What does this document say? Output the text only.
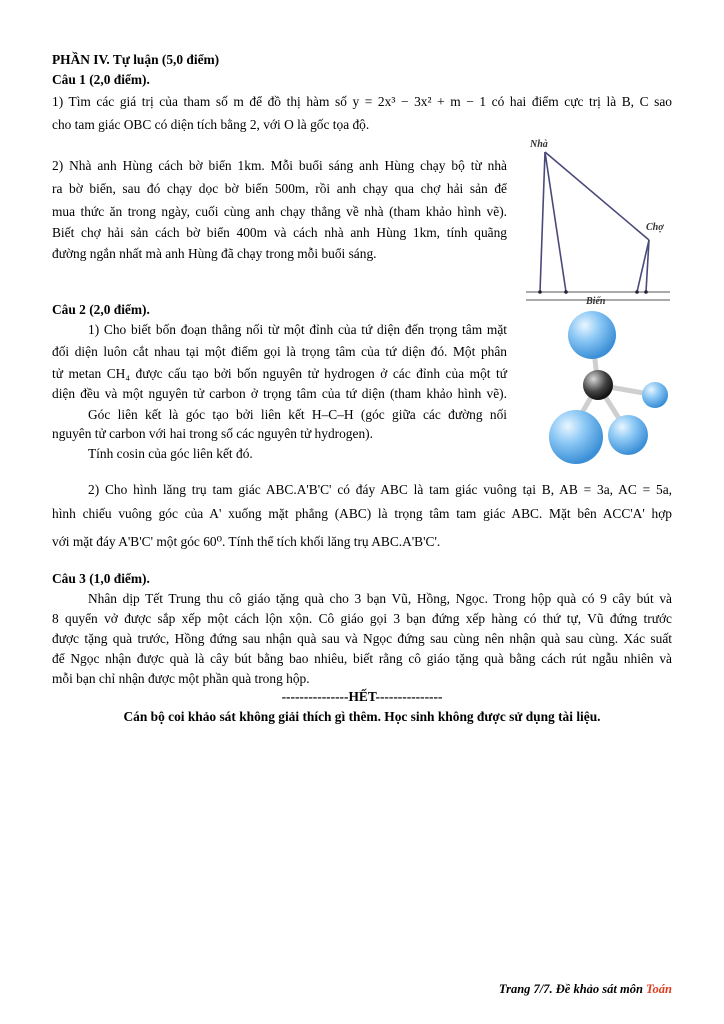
PHẦN IV. Tự luận (5,0 điểm)
Câu 1 (2,0 điểm).
1) Tìm các giá trị của tham số m để đồ thị hàm số y = 2x³ − 3x² + m − 1 có hai điểm cực trị là B, C sao
cho tam giác OBC có diện tích bằng 2, với O là gốc tọa độ.
2) Nhà anh Hùng cách bờ biển 1km. Mỗi buổi sáng anh Hùng chạy bộ từ nhà
ra bờ biển, sau đó chạy dọc bờ biển 500m, rồi anh chạy qua chợ hải sản để
mua thức ăn trong ngày, cuối cùng anh chạy thẳng về nhà (tham khảo hình vẽ).
Biết chợ hải sản cách bờ biển 400m và cách nhà anh Hùng 1km, tính quãng
đường ngắn nhất mà anh Hùng đã chạy trong mỗi buổi sáng.
Nhà
Chợ
Biển
Câu 2 (2,0 điểm).
1) Cho biết bốn đoạn thẳng nối từ một đỉnh của tứ diện đến trọng tâm mặt
đối diện luôn cắt nhau tại một điểm gọi là trọng tâm của tứ diện đó. Một phân
tử metan CH₄ được cấu tạo bởi bốn nguyên tử hydrogen ở các đỉnh của một tứ
diện đều và một nguyên tử carbon ở trọng tâm của tứ diện (tham khảo hình vẽ).
Góc liên kết là góc tạo bởi liên kết H–C–H (góc giữa các đường nối
nguyên tử carbon với hai trong số các nguyên tử hydrogen).
Tính cosin của góc liên kết đó.
2) Cho hình lăng trụ tam giác ABC.A'B'C' có đáy ABC là tam giác vuông tại B, AB = 3a, AC = 5a,
hình chiếu vuông góc của A' xuống mặt phẳng (ABC) là trọng tâm tam giác ABC. Mặt bên ACC'A' hợp
với mặt đáy A'B'C' một góc 60⁰. Tính thể tích khối lăng trụ ABC.A'B'C'.
Câu 3 (1,0 điểm).
Nhân dịp Tết Trung thu cô giáo tặng quà cho 3 bạn Vũ, Hồng, Ngọc. Trong hộp quà có 9 cây bút và
8 quyển vở được sắp xếp một cách lộn xộn. Cô giáo gọi 3 bạn đứng xếp hàng có thứ tự, Vũ đứng trước
được tặng quà trước, Hồng đứng sau nhận quà sau và Ngọc đứng sau cùng nên nhận quà sau cùng. Xác suất
để Ngọc nhận được quà là cây bút bằng bao nhiêu, biết rằng cô giáo tặng quà bằng cách rút ngẫu nhiên và
mỗi bạn chỉ nhận được một phần quà trong hộp.
---------------HẾT---------------
Cán bộ coi khảo sát không giải thích gì thêm. Học sinh không được sử dụng tài liệu.
Trang 7/7. Đề khảo sát môn Toán
